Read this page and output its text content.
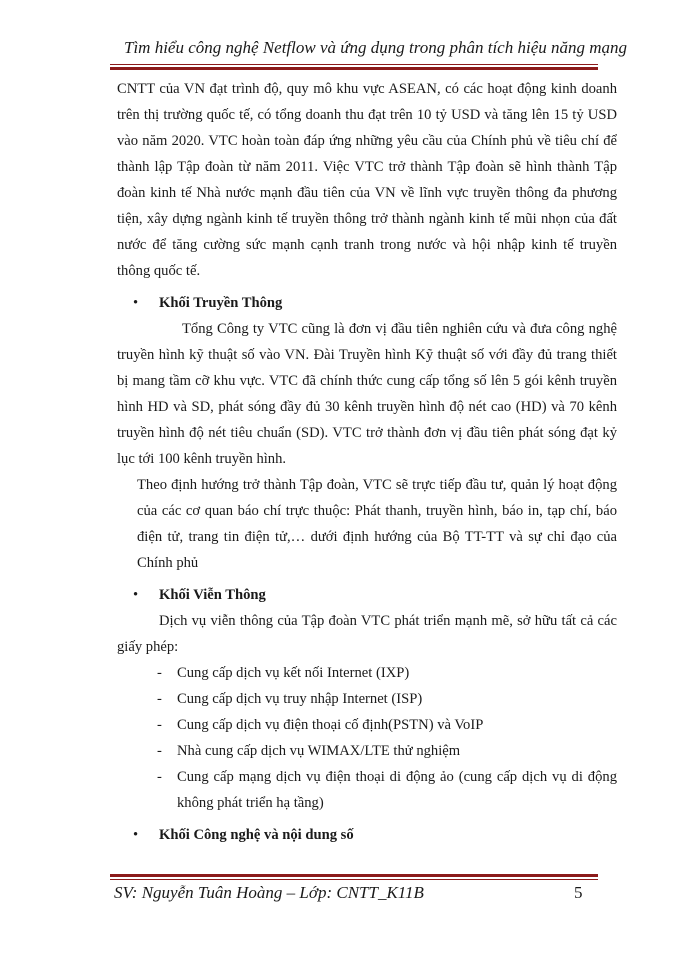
Tìm hiểu công nghệ Netflow và ứng dụng trong phân tích hiệu năng mạng

CNTT của VN đạt trình độ, quy mô khu vực ASEAN, có các hoạt động kinh doanh trên thị trường quốc tế, có tổng doanh thu đạt trên 10 tỷ USD và tăng lên 15 tỷ USD vào năm 2020. VTC hoàn toàn đáp ứng những yêu cầu của Chính phủ về tiêu chí để thành lập Tập đoàn từ năm 2011. Việc VTC trở thành Tập đoàn sẽ hình thành Tập đoàn kinh tế Nhà nước mạnh đầu tiên của VN về lĩnh vực truyền thông đa phương tiện, xây dựng ngành kinh tế truyền thông trở thành ngành kinh tế mũi nhọn của đất nước để tăng cường sức mạnh cạnh tranh trong nước và hội nhập kinh tế truyền thông quốc tế.

• Khối Truyền Thông

Tổng Công ty VTC cũng là đơn vị đầu tiên nghiên cứu và đưa công nghệ truyền hình kỹ thuật số vào VN. Đài Truyền hình Kỹ thuật số với đầy đủ trang thiết bị mang tầm cỡ khu vực. VTC đã chính thức cung cấp tổng số lên 5 gói kênh truyền hình HD và SD, phát sóng đầy đủ 30 kênh truyền hình độ nét cao (HD) và 70 kênh truyền hình độ nét tiêu chuẩn (SD). VTC trở thành đơn vị đầu tiên phát sóng đạt kỷ lục tới 100 kênh truyền hình.

Theo định hướng trở thành Tập đoàn, VTC sẽ trực tiếp đầu tư, quản lý hoạt động của các cơ quan báo chí trực thuộc: Phát thanh, truyền hình, báo in, tạp chí, báo điện tử, trang tin điện tử,… dưới định hướng của Bộ TT-TT và sự chỉ đạo của Chính phủ

• Khối Viễn Thông

Dịch vụ viễn thông của Tập đoàn VTC phát triển mạnh mẽ, sở hữu tất cả các giấy phép:

- Cung cấp dịch vụ kết nối Internet (IXP)
- Cung cấp dịch vụ truy nhập Internet (ISP)
- Cung cấp dịch vụ điện thoại cố định(PSTN) và VoIP
- Nhà cung cấp dịch vụ WIMAX/LTE thử nghiệm
- Cung cấp mạng dịch vụ điện thoại di động ảo (cung cấp dịch vụ di động không phát triển hạ tầng)
• Khối Công nghệ và nội dung số
SV: Nguyễn Tuân Hoàng – Lớp: CNTT_K11B	5
